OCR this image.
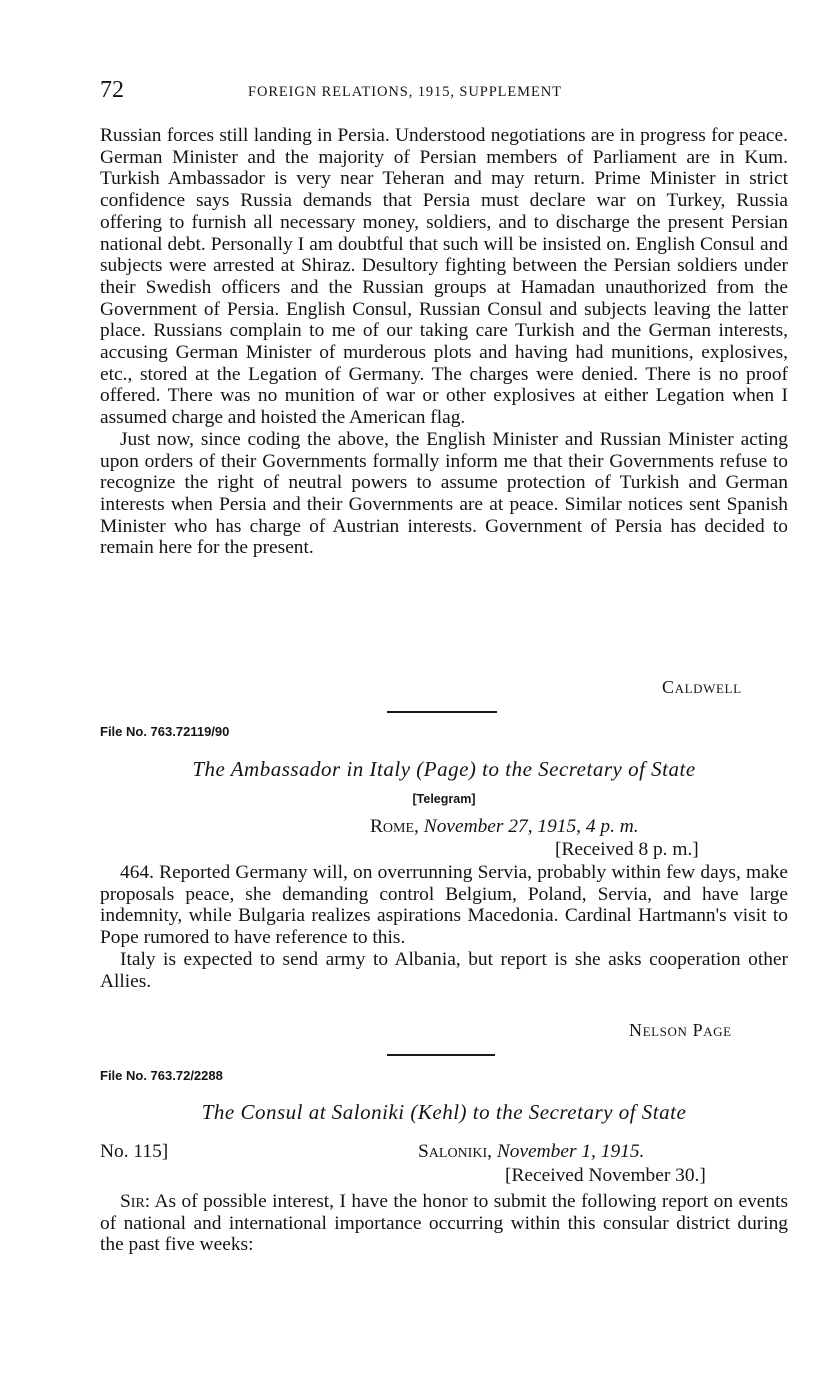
72	FOREIGN RELATIONS, 1915, SUPPLEMENT

Russian forces still landing in Persia. Understood negotiations are in progress for peace. German Minister and the majority of Persian members of Parliament are in Kum. Turkish Ambassador is very near Teheran and may return. Prime Minister in strict confidence says Russia demands that Persia must declare war on Turkey, Russia offering to furnish all necessary money, soldiers, and to discharge the present Persian national debt. Personally I am doubtful that such will be insisted on. English Consul and subjects were arrested at Shiraz. Desultory fighting between the Persian soldiers under their Swedish officers and the Russian groups at Hamadan unauthorized from the Government of Persia. English Consul, Russian Consul and subjects leaving the latter place. Russians complain to me of our taking care Turkish and the German interests, accusing German Minister of murderous plots and having had munitions, explosives, etc., stored at the Legation of Germany. The charges were denied. There is no proof offered. There was no munition of war or other explosives at either Legation when I assumed charge and hoisted the American flag.

Just now, since coding the above, the English Minister and Russian Minister acting upon orders of their Governments formally inform me that their Governments refuse to recognize the right of neutral powers to assume protection of Turkish and German interests when Persia and their Governments are at peace. Similar notices sent Spanish Minister who has charge of Austrian interests. Government of Persia has decided to remain here for the present.

Caldwell
File No. 763.72119/90
The Ambassador in Italy (Page) to the Secretary of State
[Telegram]
Rome, November 27, 1915, 4 p. m.
[Received 8 p. m.]

464. Reported Germany will, on overrunning Servia, probably within few days, make proposals peace, she demanding control Belgium, Poland, Servia, and have large indemnity, while Bulgaria realizes aspirations Macedonia. Cardinal Hartmann's visit to Pope rumored to have reference to this.

Italy is expected to send army to Albania, but report is she asks cooperation other Allies.

Nelson Page
File No. 763.72/2288
The Consul at Saloniki (Kehl) to the Secretary of State
No. 115]	Saloniki, November 1, 1915.
[Received November 30.]

Sir: As of possible interest, I have the honor to submit the following report on events of national and international importance occurring within this consular district during the past five weeks:
